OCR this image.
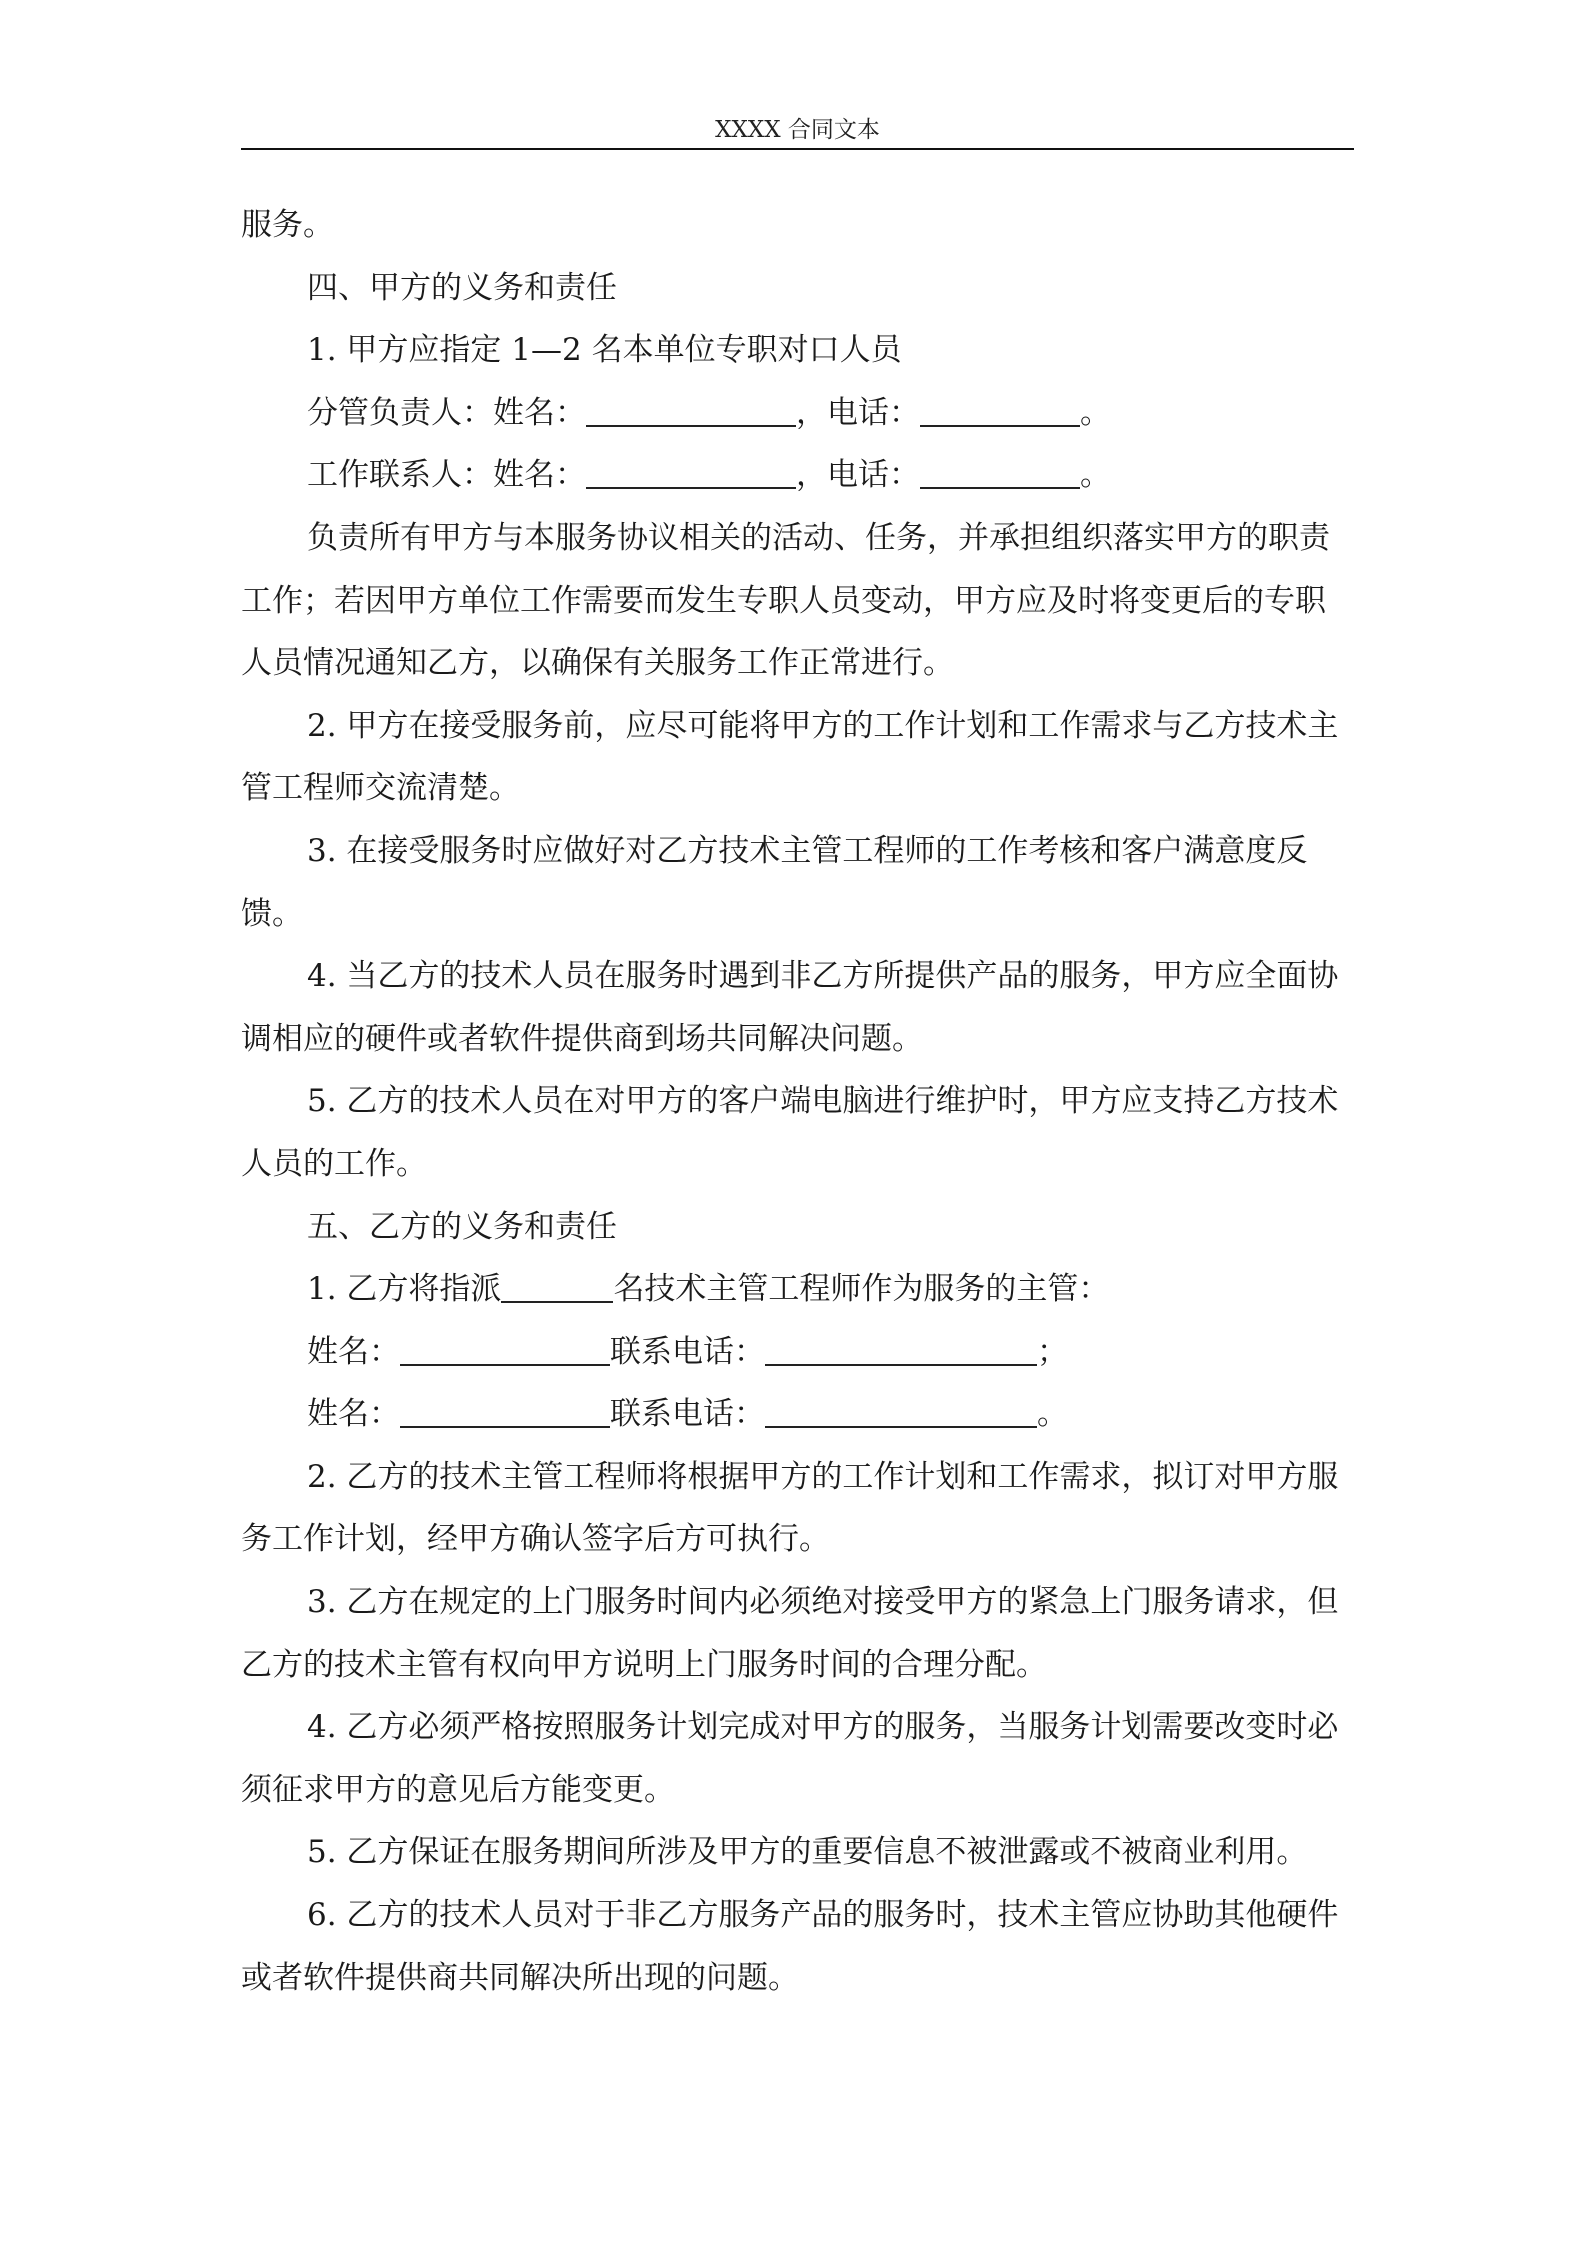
XXXX 合同文本
服务。
四、甲方的义务和责任
1. 甲方应指定 1—2 名本单位专职对口人员
分管负责人：姓名：	，电话：	。
工作联系人：姓名：	，电话：	。
负责所有甲方与本服务协议相关的活动、任务，并承担组织落实甲方的职责
工作；若因甲方单位工作需要而发生专职人员变动，甲方应及时将变更后的专职
人员情况通知乙方，以确保有关服务工作正常进行。
2. 甲方在接受服务前，应尽可能将甲方的工作计划和工作需求与乙方技术主
管工程师交流清楚。
3. 在接受服务时应做好对乙方技术主管工程师的工作考核和客户满意度反
馈。
4. 当乙方的技术人员在服务时遇到非乙方所提供产品的服务，甲方应全面协
调相应的硬件或者软件提供商到场共同解决问题。
5. 乙方的技术人员在对甲方的客户端电脑进行维护时，甲方应支持乙方技术
人员的工作。
五、乙方的义务和责任
1. 乙方将指派	名技术主管工程师作为服务的主管：
姓名：	联系电话：	；
姓名：	联系电话：	。
2. 乙方的技术主管工程师将根据甲方的工作计划和工作需求，拟订对甲方服
务工作计划，经甲方确认签字后方可执行。
3. 乙方在规定的上门服务时间内必须绝对接受甲方的紧急上门服务请求，但
乙方的技术主管有权向甲方说明上门服务时间的合理分配。
4. 乙方必须严格按照服务计划完成对甲方的服务，当服务计划需要改变时必
须征求甲方的意见后方能变更。
5. 乙方保证在服务期间所涉及甲方的重要信息不被泄露或不被商业利用。
6. 乙方的技术人员对于非乙方服务产品的服务时，技术主管应协助其他硬件
或者软件提供商共同解决所出现的问题。
